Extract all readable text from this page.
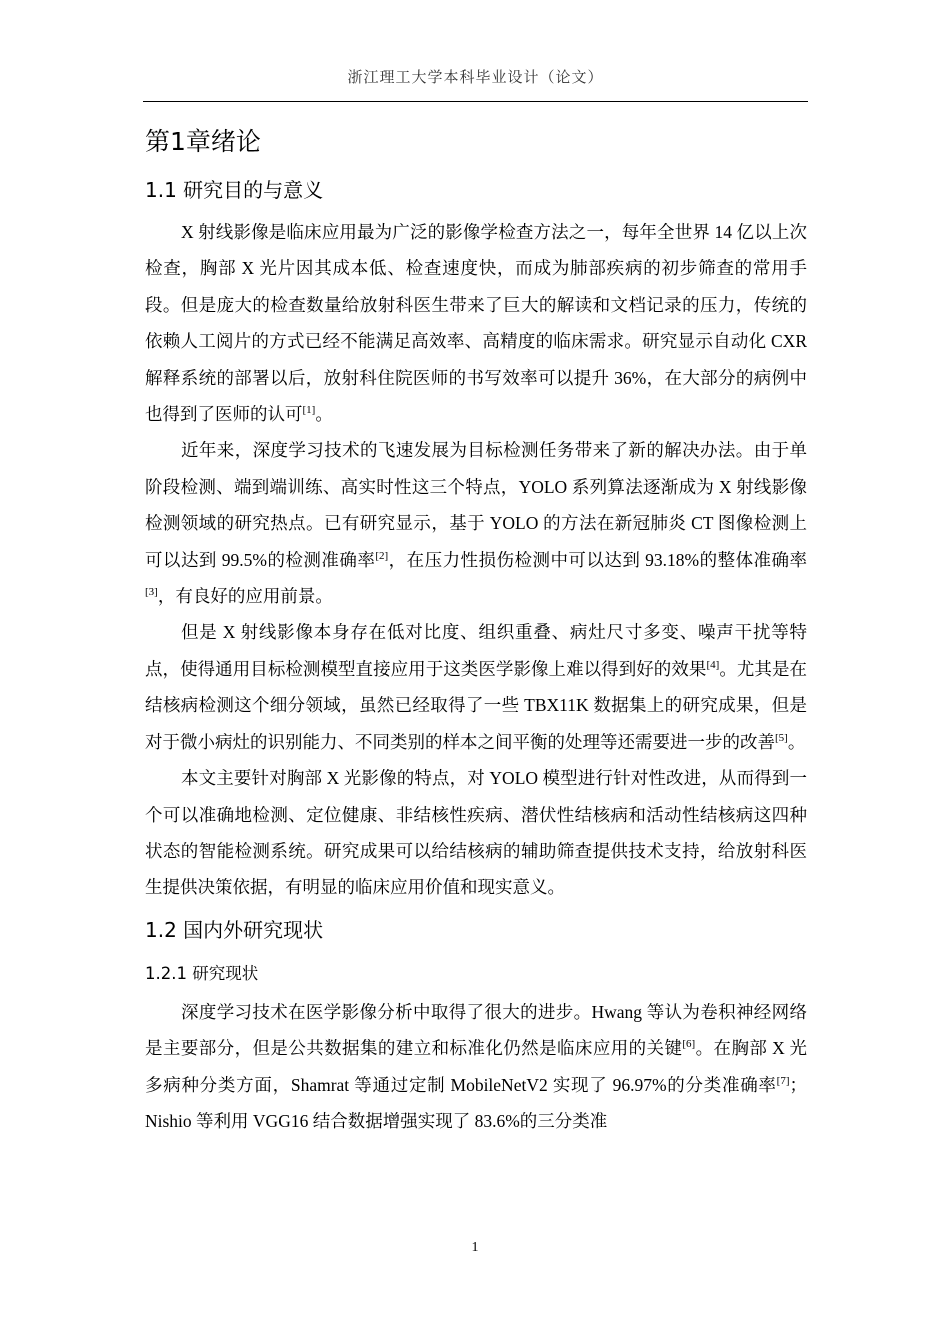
浙江理工大学本科毕业设计（论文）
第1章绪论
1.1 研究目的与意义

X 射线影像是临床应用最为广泛的影像学检查方法之一，每年全世界 14 亿以上次检查，胸部 X 光片因其成本低、检查速度快，而成为肺部疾病的初步筛查的常用手段。但是庞大的检查数量给放射科医生带来了巨大的解读和文档记录的压力，传统的依赖人工阅片的方式已经不能满足高效率、高精度的临床需求。研究显示自动化 CXR 解释系统的部署以后，放射科住院医师的书写效率可以提升 36%，在大部分的病例中也得到了医师的认可[1]。

近年来，深度学习技术的飞速发展为目标检测任务带来了新的解决办法。由于单阶段检测、端到端训练、高实时性这三个特点，YOLO 系列算法逐渐成为 X 射线影像检测领域的研究热点。已有研究显示，基于 YOLO 的方法在新冠肺炎 CT 图像检测上可以达到 99.5%的检测准确率[2]，在压力性损伤检测中可以达到 93.18%的整体准确率[3]，有良好的应用前景。

但是 X 射线影像本身存在低对比度、组织重叠、病灶尺寸多变、噪声干扰等特点，使得通用目标检测模型直接应用于这类医学影像上难以得到好的效果[4]。尤其是在结核病检测这个细分领域，虽然已经取得了一些 TBX11K 数据集上的研究成果，但是对于微小病灶的识别能力、不同类别的样本之间平衡的处理等还需要进一步的改善[5]。

本文主要针对胸部 X 光影像的特点，对 YOLO 模型进行针对性改进，从而得到一个可以准确地检测、定位健康、非结核性疾病、潜伏性结核病和活动性结核病这四种状态的智能检测系统。研究成果可以给结核病的辅助筛查提供技术支持，给放射科医生提供决策依据，有明显的临床应用价值和现实意义。

1.2 国内外研究现状
1.2.1 研究现状

深度学习技术在医学影像分析中取得了很大的进步。Hwang 等认为卷积神经网络是主要部分，但是公共数据集的建立和标准化仍然是临床应用的关键[6]。在胸部 X 光多病种分类方面，Shamrat 等通过定制 MobileNetV2 实现了 96.97%的分类准确率[7]；Nishio 等利用 VGG16 结合数据增强实现了 83.6%的三分类准

1
